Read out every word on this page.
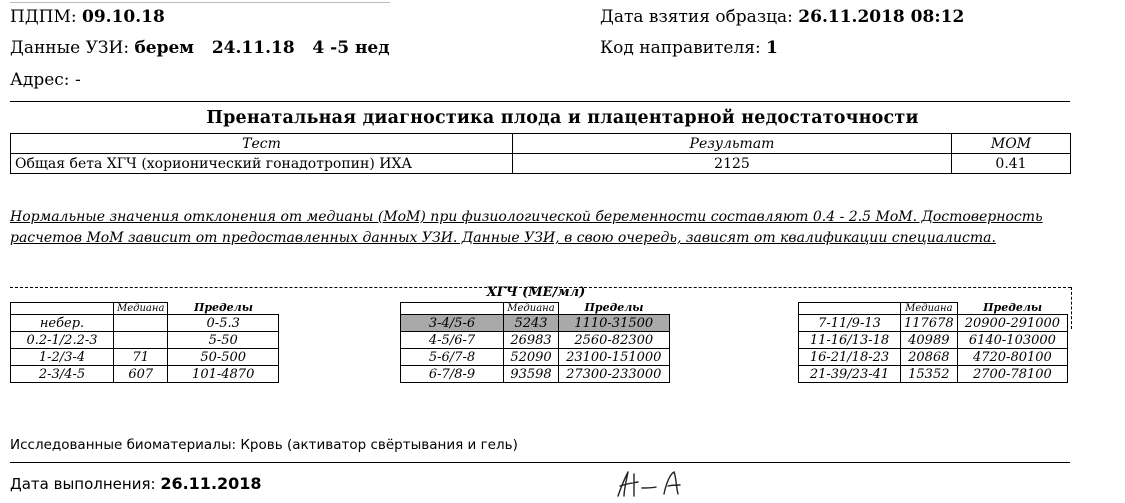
ПДПМ: 09.10.18
Данные УЗИ: берем   24.11.18   4 -5 нед
Адрес: -
Дата взятия образца: 26.11.2018 08:12
Код направителя: 1
Пренатальная диагностика плода и плацентарной недостаточности
Тест	Результат	МОМ
Общая бета ХГЧ (хорионический гонадотропин) ИХА	2125	0.41
Нормальные значения отклонения от медианы (МоМ) при физиологической беременности составляют 0.4 - 2.5 МоМ. Достоверность расчетов МоМ зависит от предоставленных данных УЗИ. Данные УЗИ, в свою очередь, зависят от квалификации специалиста.
ХГЧ (МЕ/мл)
	Медиана	Пределы
небер.		0-5.3
0.2-1/2.2-3		5-50
1-2/3-4	71	50-500
2-3/4-5	607	101-4870
	Медиана	Пределы
3-4/5-6	5243	1110-31500
4-5/6-7	26983	2560-82300
5-6/7-8	52090	23100-151000
6-7/8-9	93598	27300-233000
	Медиана	Пределы
7-11/9-13	117678	20900-291000
11-16/13-18	40989	6140-103000
16-21/18-23	20868	4720-80100
21-39/23-41	15352	2700-78100
Исследованные биоматериалы: Кровь (активатор свёртывания и гель)
Дата выполнения: 26.11.2018
